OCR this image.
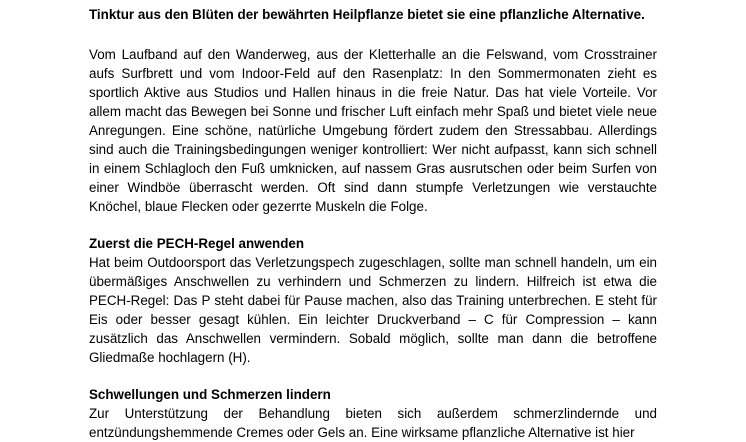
Tinktur aus den Blüten der bewährten Heilpflanze bietet sie eine pflanzliche Alternative.

Vom Laufband auf den Wanderweg, aus der Kletterhalle an die Felswand, vom Crosstrainer aufs Surfbrett und vom Indoor-Feld auf den Rasenplatz: In den Sommermonaten zieht es sportlich Aktive aus Studios und Hallen hinaus in die freie Natur. Das hat viele Vorteile. Vor allem macht das Bewegen bei Sonne und frischer Luft einfach mehr Spaß und bietet viele neue Anregungen. Eine schöne, natürliche Umgebung fördert zudem den Stressabbau. Allerdings sind auch die Trainingsbedingungen weniger kontrolliert: Wer nicht aufpasst, kann sich schnell in einem Schlagloch den Fuß umknicken, auf nassem Gras ausrutschen oder beim Surfen von einer Windböe überrascht werden. Oft sind dann stumpfe Verletzungen wie verstauchte Knöchel, blaue Flecken oder gezerrte Muskeln die Folge.

Zuerst die PECH-Regel anwenden

Hat beim Outdoorsport das Verletzungspech zugeschlagen, sollte man schnell handeln, um ein übermäßiges Anschwellen zu verhindern und Schmerzen zu lindern. Hilfreich ist etwa die PECH-Regel: Das P steht dabei für Pause machen, also das Training unterbrechen. E steht für Eis oder besser gesagt kühlen. Ein leichter Druckverband – C für Compression – kann zusätzlich das Anschwellen vermindern. Sobald möglich, sollte man dann die betroffene Gliedmaße hochlagern (H).

Schwellungen und Schmerzen lindern

Zur Unterstützung der Behandlung bieten sich außerdem schmerzlindernde und entzündungshemmende Cremes oder Gels an. Eine wirksame pflanzliche Alternative ist hier
